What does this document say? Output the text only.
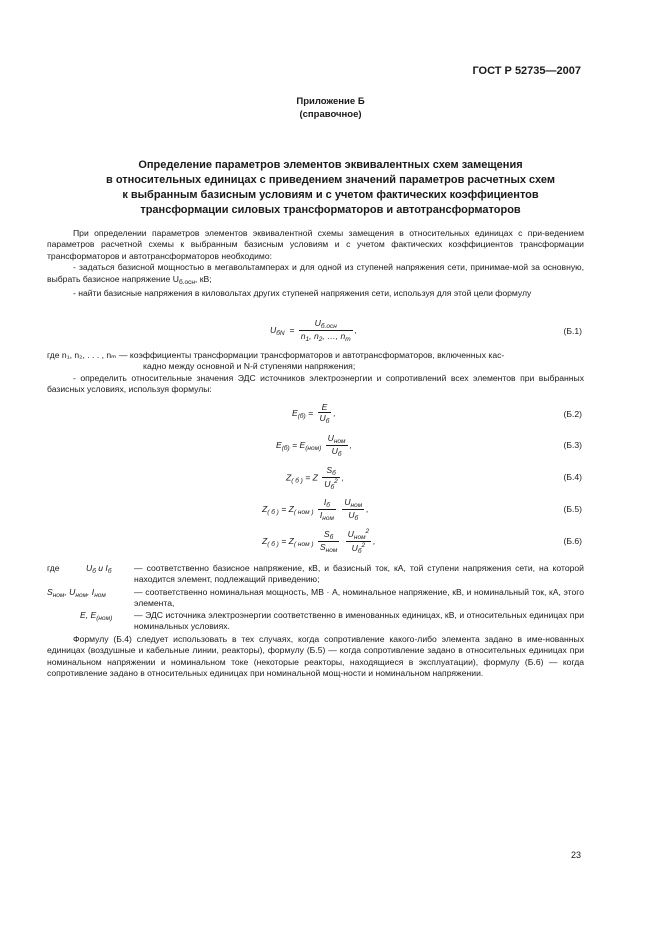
ГОСТ Р 52735—2007
Приложение Б
(справочное)
Определение параметров элементов эквивалентных схем замещения
в относительных единицах с приведением значений параметров расчетных схем
к выбранным базисным условиям и с учетом фактических коэффициентов
трансформации силовых трансформаторов и автотрансформаторов

При определении параметров элементов эквивалентной схемы замещения в относительных единицах с при-ведением параметров расчетной схемы к выбранным базисным условиям и с учетом фактических коэффициентов трансформации трансформаторов и автотрансформаторов необходимо:

- задаться базисной мощностью в мегавольтамперах и для одной из ступеней напряжения сети, принимае-мой за основную, выбрать базисное напряжение $U_{б.осн}$, кВ;

- найти базисные напряжения в киловольтах других ступеней напряжения сети, используя для этой цели формулу

$U_{бN} = \frac{U_{б.осн}}{n_1, n_2, \dots, n_m}$ ,	(Б.1)
где n₁, n₂, . . . , nₘ — коэффициенты трансформации трансформаторов и автотрансформаторов, включенных кас-
кадно между основной и N-й ступенями напряжения;

- определить относительные значения ЭДС источников электроэнергии и сопротивлений всех элементов при выбранных базисных условиях, используя формулы:

$E_{(б)} = \frac{E}{U_б}$ ,	(Б.2)
$E_{(б)} = E_{(ном)} \frac{U_{ном}}{U_б}$ ,	(Б.3)
$Z_{( б )} = Z \frac{S_б}{U_б^2}$ ,	(Б.4)
$Z_{( б )} = Z_{( ном )} \frac{I_б}{I_{ном}}$
$\frac{U_{ном}}{U_б}$ ,	(Б.5)
$Z_{( б )} = Z_{( ном )} \frac{S_б}{S_{ном}}$
$\frac{U_{ном}^2}{U_б^2}$ ,	(Б.6)
где	$U_б$ и $I_б$	— соответственно базисное напряжение, кВ, и базисный ток, кА, той ступени напряжения сети, на которой находится элемент, подлежащий приведению;
$S_{ном}$, $U_{ном}$, $I_{ном}$	— соответственно номинальная мощность, МВ · А, номинальное напряжение, кВ, и номинальный ток, кА, этого элемента,
E, $E_{(ном)}$	— ЭДС источника электроэнергии соответственно в именованных единицах, кВ, и относительных единицах при номинальных условиях.

Формулу (Б.4) следует использовать в тех случаях, когда сопротивление какого-либо элемента задано в име-нованных единицах (воздушные и кабельные линии, реакторы), формулу (Б.5) — когда сопротивление задано в относительных единицах при номинальном напряжении и номинальном токе (некоторые реакторы, находящиеся в эксплуатации), формулу (Б.6) — когда сопротивление задано в относительных единицах при номинальной мощ-ности и номинальном напряжении.

23
